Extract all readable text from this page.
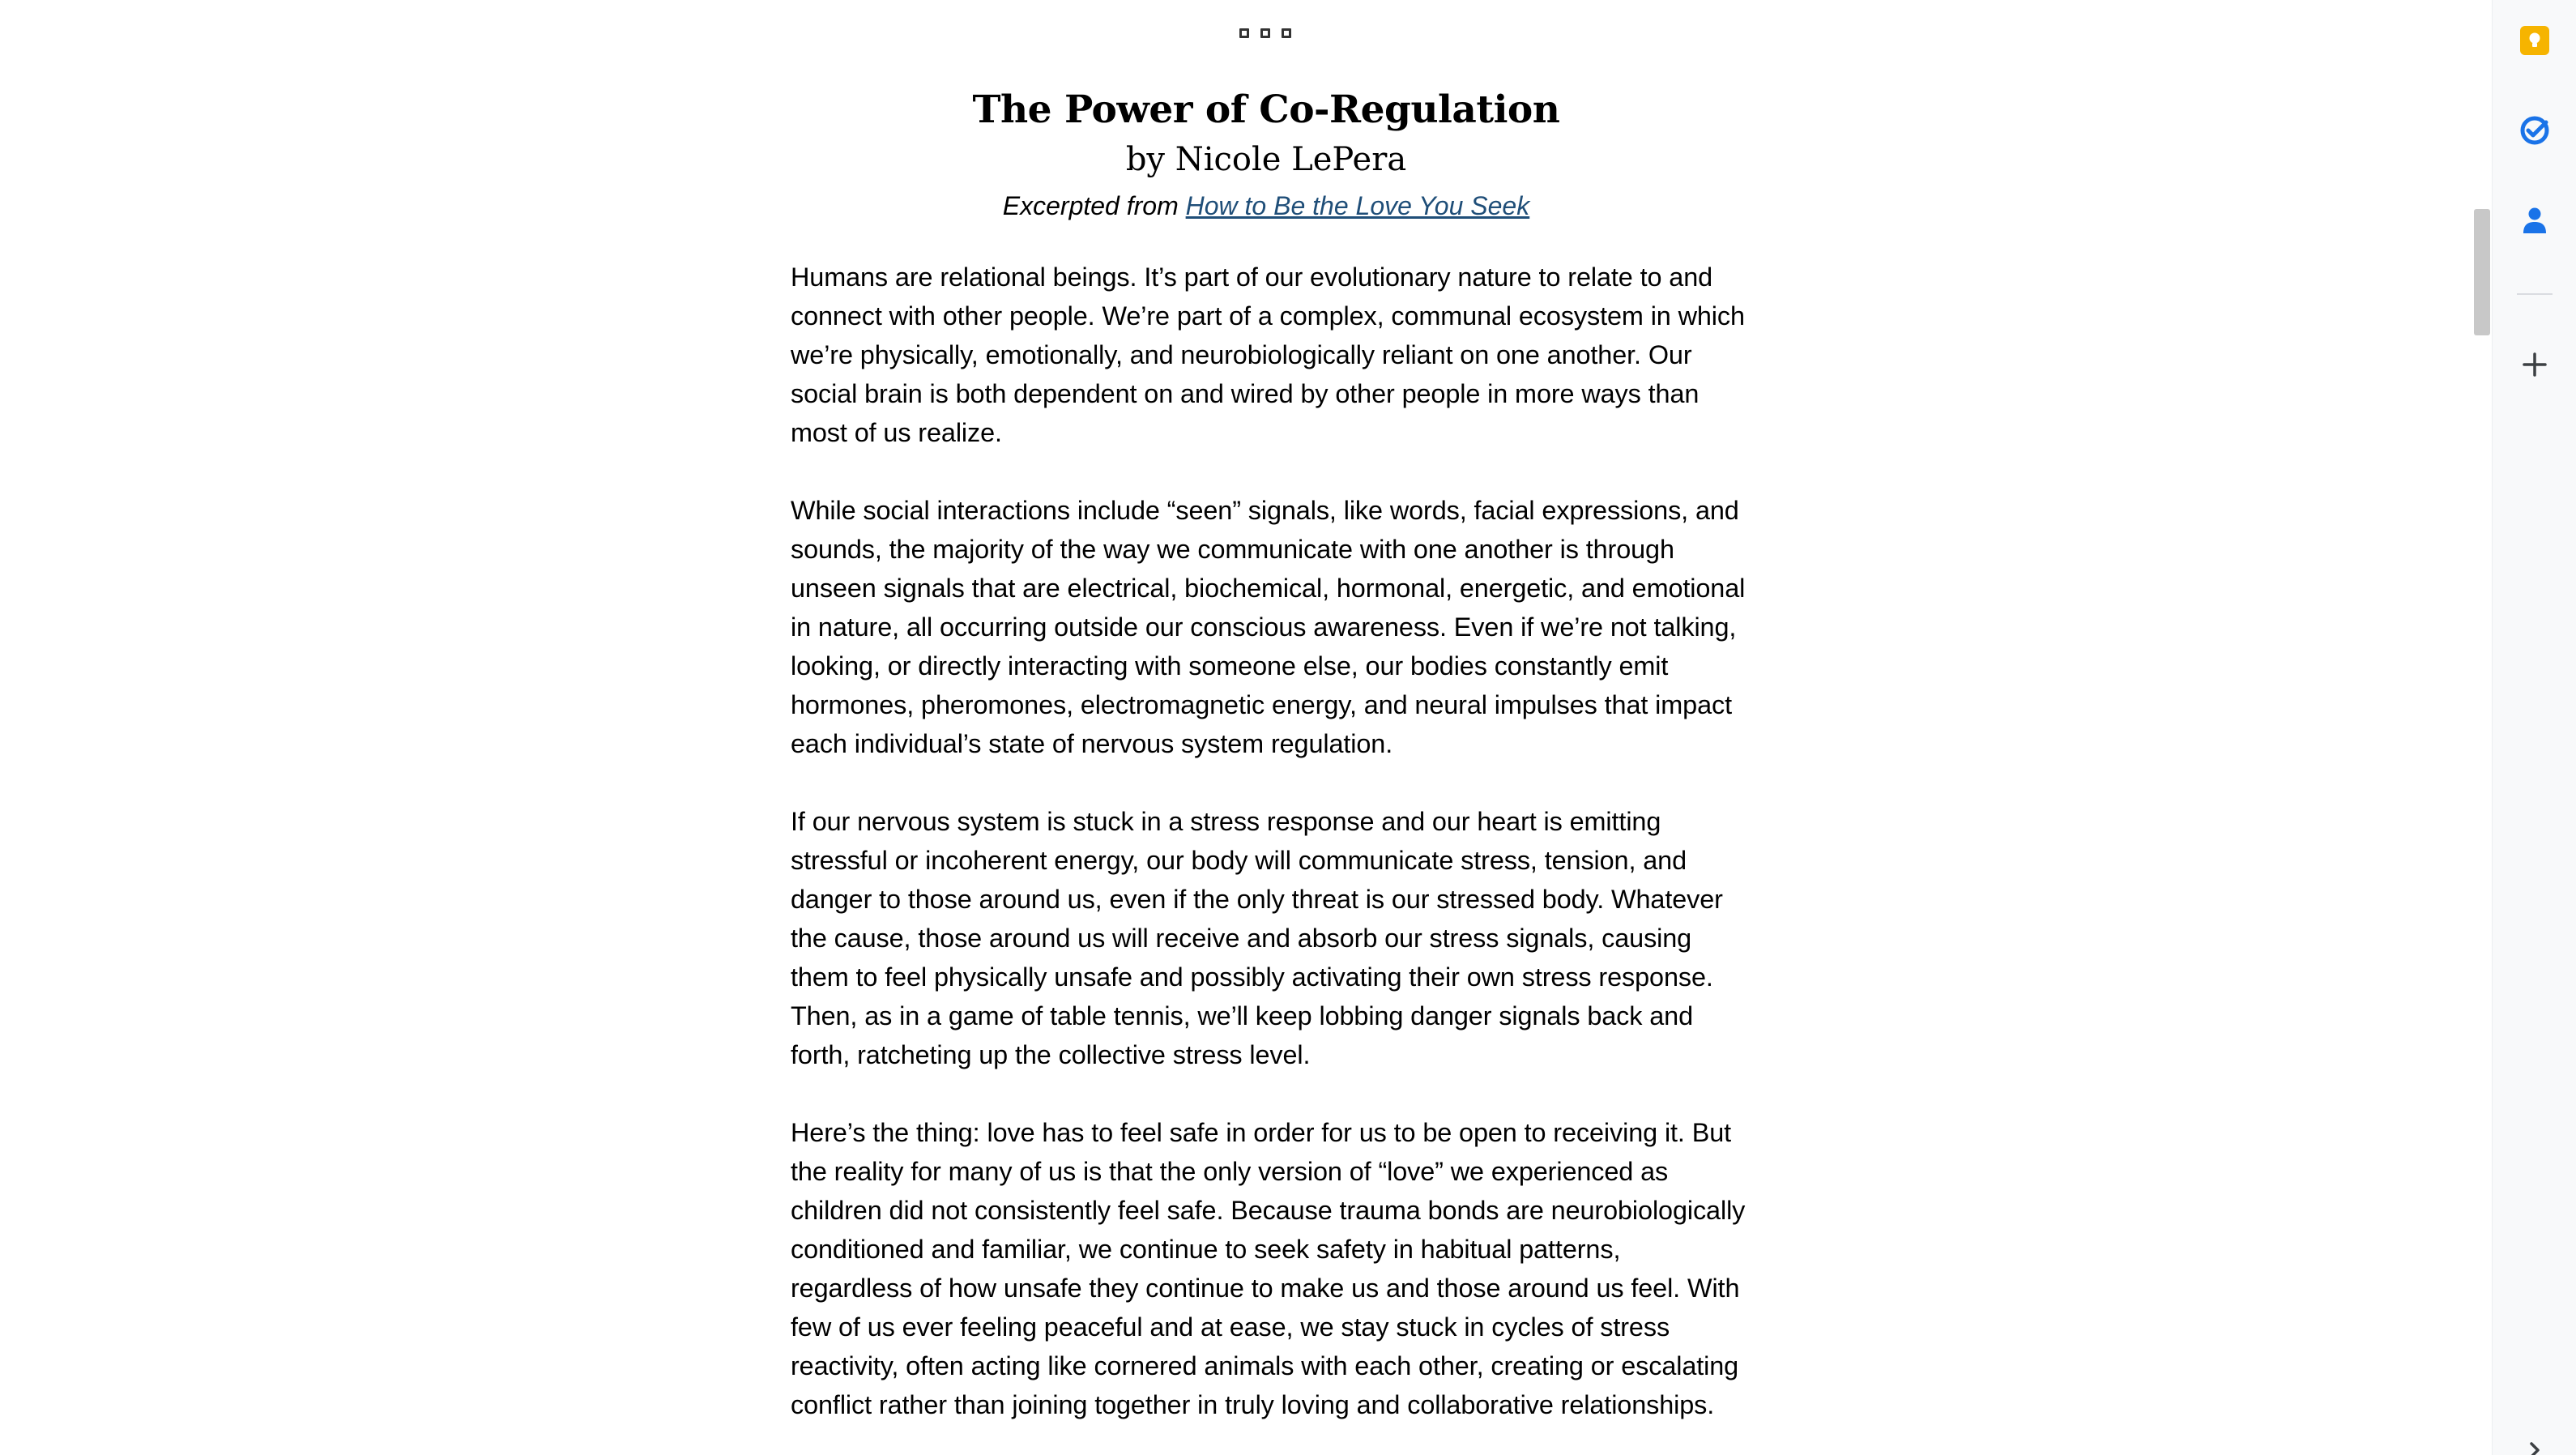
The Power of Co-Regulation
by Nicole LePera
Excerpted from How to Be the Love You Seek

Humans are relational beings. It’s part of our evolutionary nature to relate to and connect with other people. We’re part of a complex, communal ecosystem in which we’re physically, emotionally, and neurobiologically reliant on one another. Our social brain is both dependent on and wired by other people in more ways than most of us realize.

While social interactions include “seen” signals, like words, facial expressions, and sounds, the majority of the way we communicate with one another is through unseen signals that are electrical, biochemical, hormonal, energetic, and emotional in nature, all occurring outside our conscious awareness. Even if we’re not talking, looking, or directly interacting with someone else, our bodies constantly emit hormones, pheromones, electromagnetic energy, and neural impulses that impact each individual’s state of nervous system regulation.

If our nervous system is stuck in a stress response and our heart is emitting stressful or incoherent energy, our body will communicate stress, tension, and danger to those around us, even if the only threat is our stressed body. Whatever the cause, those around us will receive and absorb our stress signals, causing them to feel physically unsafe and possibly activating their own stress response. Then, as in a game of table tennis, we’ll keep lobbing danger signals back and forth, ratcheting up the collective stress level.

Here’s the thing: love has to feel safe in order for us to be open to receiving it. But the reality for many of us is that the only version of “love” we experienced as children did not consistently feel safe. Because trauma bonds are neurobiologically conditioned and familiar, we continue to seek safety in habitual patterns, regardless of how unsafe they continue to make us and those around us feel. With few of us ever feeling peaceful and at ease, we stay stuck in cycles of stress reactivity, often acting like cornered animals with each other, creating or escalating conflict rather than joining together in truly loving and collaborative relationships.
